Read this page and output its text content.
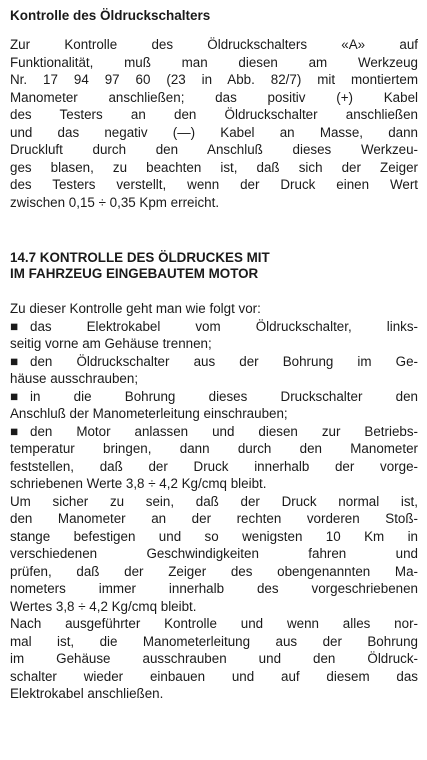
Kontrolle des Öldruckschalters
Zur Kontrolle des Öldruckschalters «A» auf
Funktionalität, muß man diesen am Werkzeug
Nr. 17 94 97 60 (23 in Abb. 82/7) mit montiertem
Manometer anschließen; das positiv (+) Kabel
des Testers an den Öldruckschalter anschließen
und das negativ (—) Kabel an Masse, dann
Druckluft durch den Anschluß dieses Werkzeu-
ges blasen, zu beachten ist, daß sich der Zeiger
des Testers verstellt, wenn der Druck einen Wert
zwischen 0,15 ÷ 0,35 Kpm erreicht.
14.7 KONTROLLE DES ÖLDRUCKES MIT
IM FAHRZEUG EINGEBAUTEM MOTOR
Zu dieser Kontrolle geht man wie folgt vor:
■ das Elektrokabel vom Öldruckschalter, links-
seitig vorne am Gehäuse trennen;
■ den Öldruckschalter aus der Bohrung im Ge-
häuse ausschrauben;
■ in die Bohrung dieses Druckschalter den
Anschluß der Manometerleitung einschrauben;
■ den Motor anlassen und diesen zur Betriebs-
temperatur bringen, dann durch den Manometer
feststellen, daß der Druck innerhalb der vorge-
schriebenen Werte 3,8 ÷ 4,2 Kg/cmq bleibt.
Um sicher zu sein, daß der Druck normal ist,
den Manometer an der rechten vorderen Stoß-
stange befestigen und so wenigsten 10 Km in
verschiedenen Geschwindigkeiten fahren und
prüfen, daß der Zeiger des obengenannten Ma-
nometers immer innerhalb des vorgeschriebenen
Wertes 3,8 ÷ 4,2 Kg/cmq bleibt.
Nach ausgeführter Kontrolle und wenn alles nor-
mal ist, die Manometerleitung aus der Bohrung
im Gehäuse ausschrauben und den Öldruck-
schalter wieder einbauen und auf diesem das
Elektrokabel anschließen.
